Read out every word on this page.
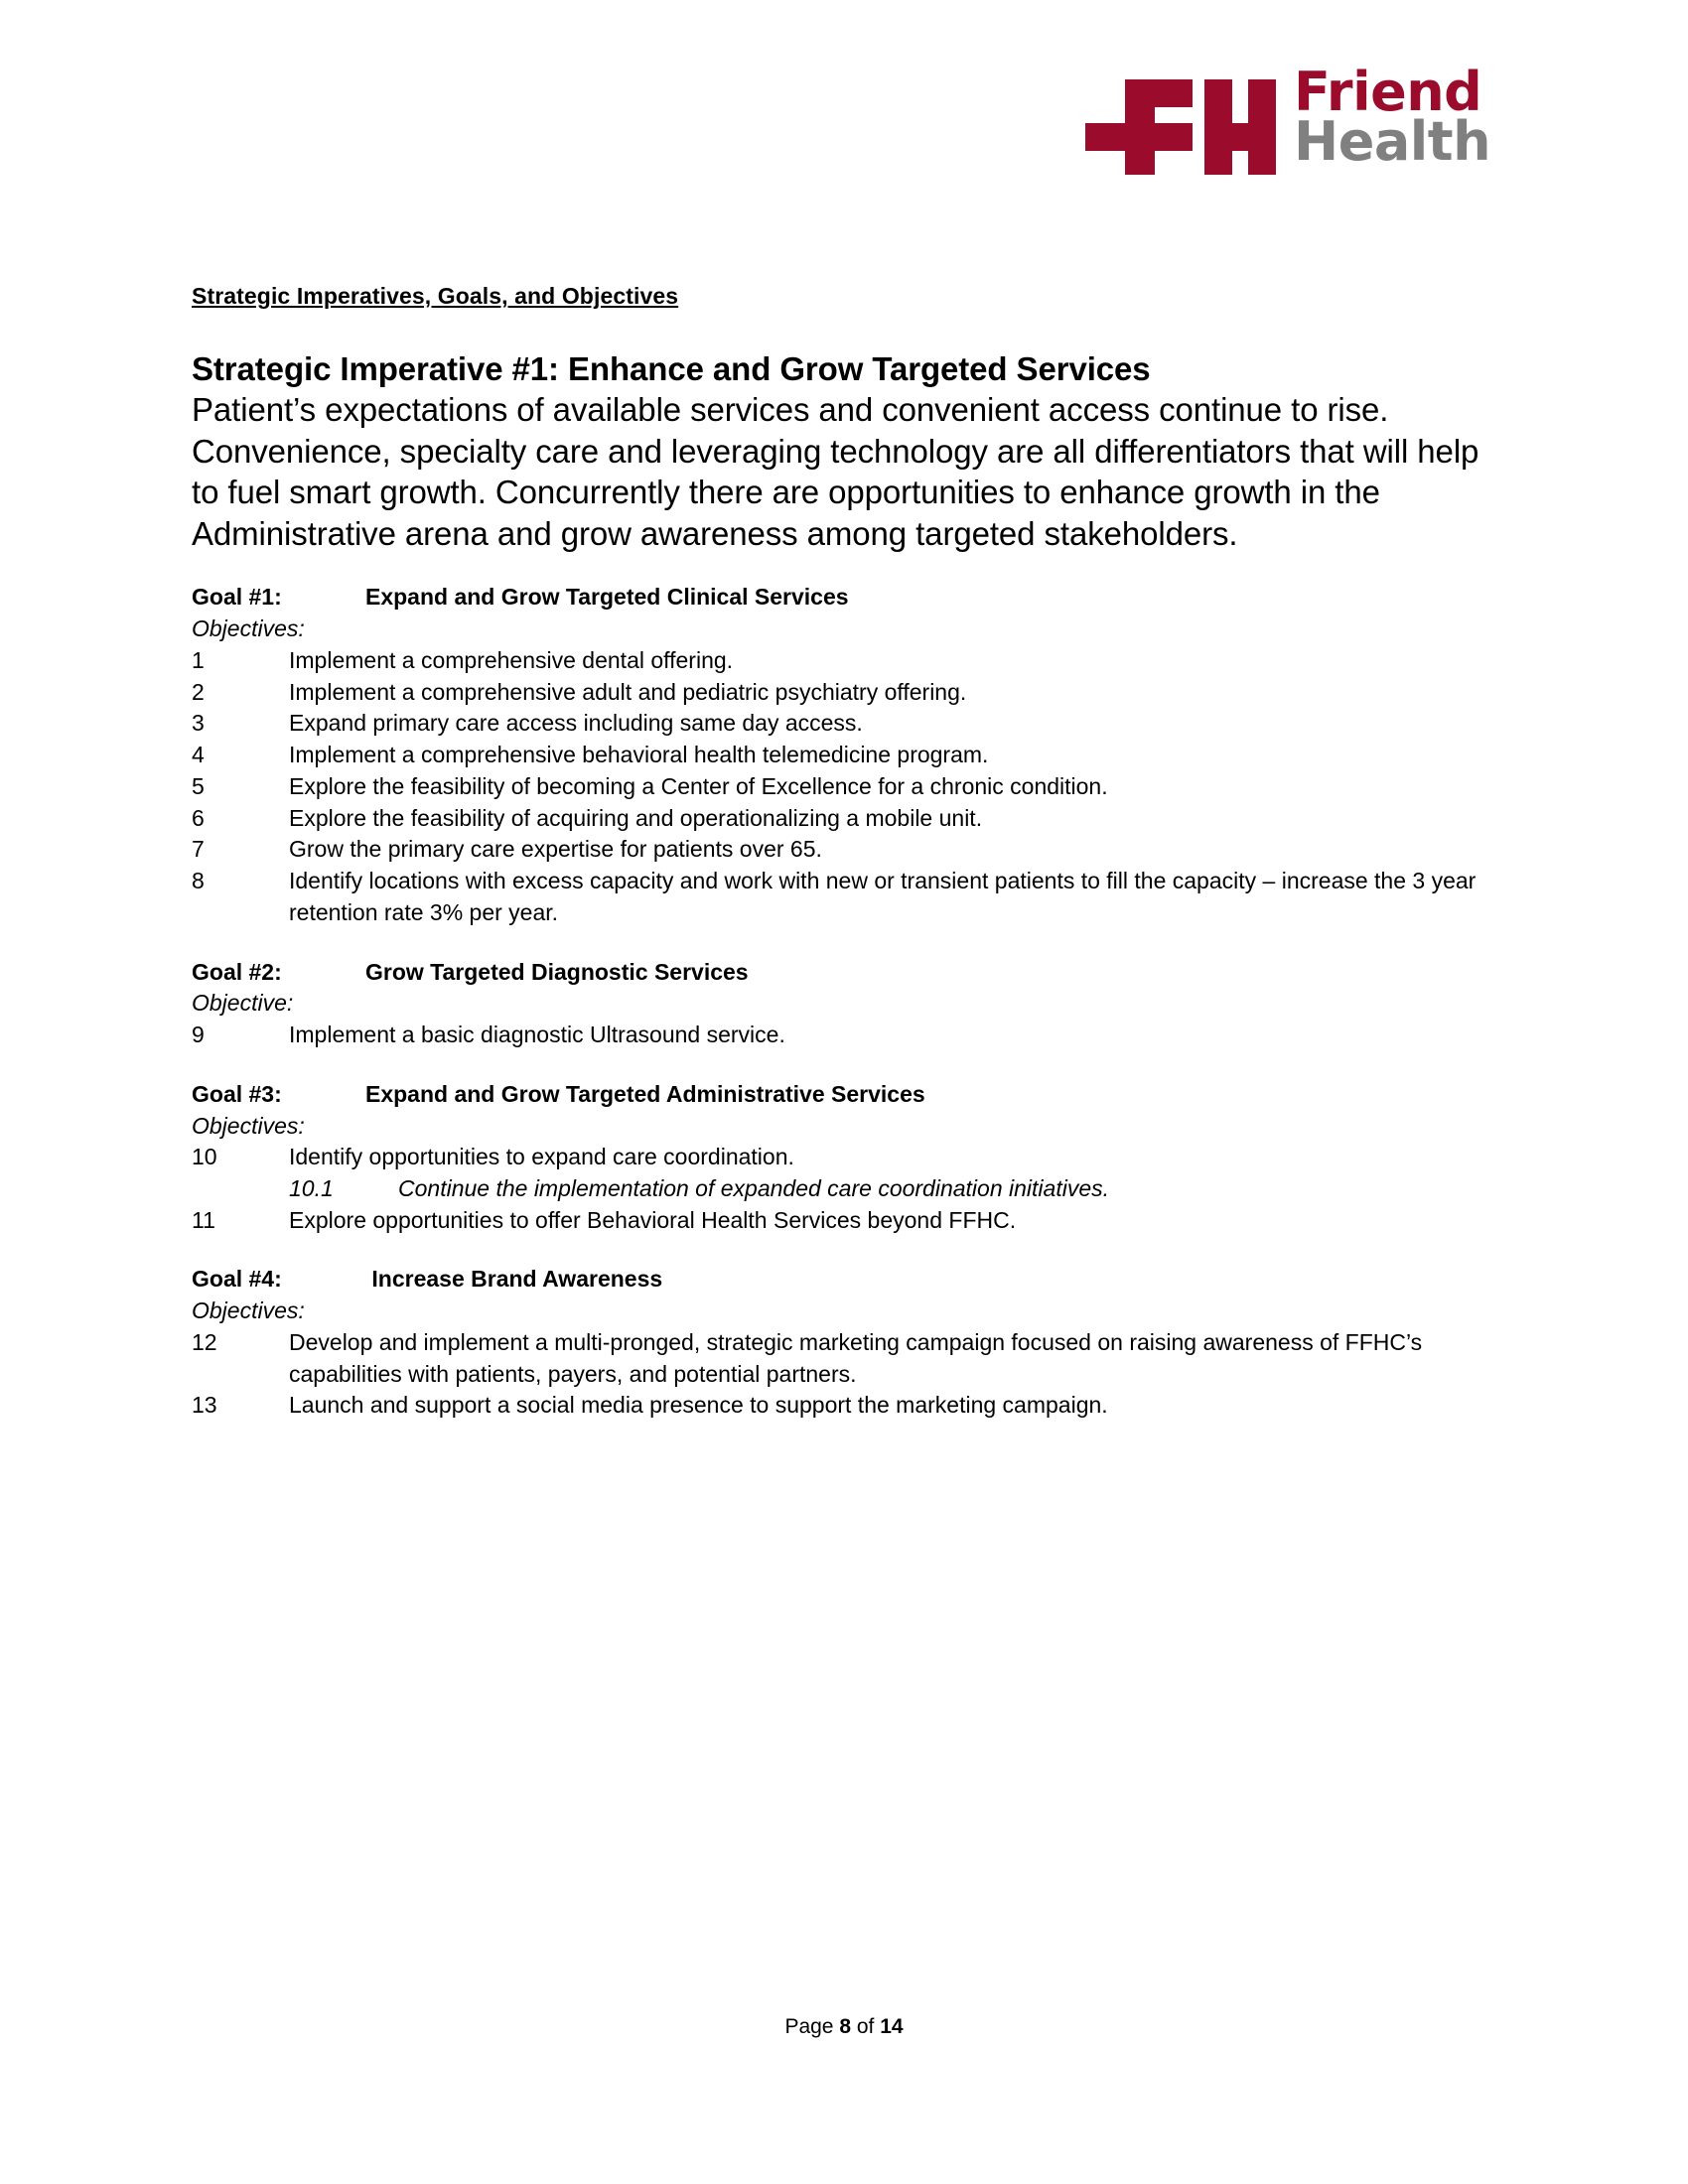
Friend
Health
Strategic Imperatives, Goals, and Objectives
Strategic Imperative #1: Enhance and Grow Targeted Services
Patient’s expectations of available services and convenient access continue to rise. Convenience, specialty care and leveraging technology are all differentiators that will help to fuel smart growth. Concurrently there are opportunities to enhance growth in the Administrative arena and grow awareness among targeted stakeholders.
Goal #1:	Expand and Grow Targeted Clinical Services
Objectives:
1	Implement a comprehensive dental offering.
2	Implement a comprehensive adult and pediatric psychiatry offering.
3	Expand primary care access including same day access.
4	Implement a comprehensive behavioral health telemedicine program.
5	Explore the feasibility of becoming a Center of Excellence for a chronic condition.
6	Explore the feasibility of acquiring and operationalizing a mobile unit.
7	Grow the primary care expertise for patients over 65.
8	Identify locations with excess capacity and work with new or transient patients to fill the capacity – increase the 3 year retention rate 3% per year.
Goal #2:	Grow Targeted Diagnostic Services
Objective:
9	Implement a basic diagnostic Ultrasound service.
Goal #3:	Expand and Grow Targeted Administrative Services
Objectives:
10	Identify opportunities to expand care coordination.
10.1	Continue the implementation of expanded care coordination initiatives.
11	Explore opportunities to offer Behavioral Health Services beyond FFHC.
Goal #4:	Increase Brand Awareness
Objectives:
12	Develop and implement a multi-pronged, strategic marketing campaign focused on raising awareness of FFHC’s capabilities with patients, payers, and potential partners.
13	Launch and support a social media presence to support the marketing campaign.
Page 8 of 14
